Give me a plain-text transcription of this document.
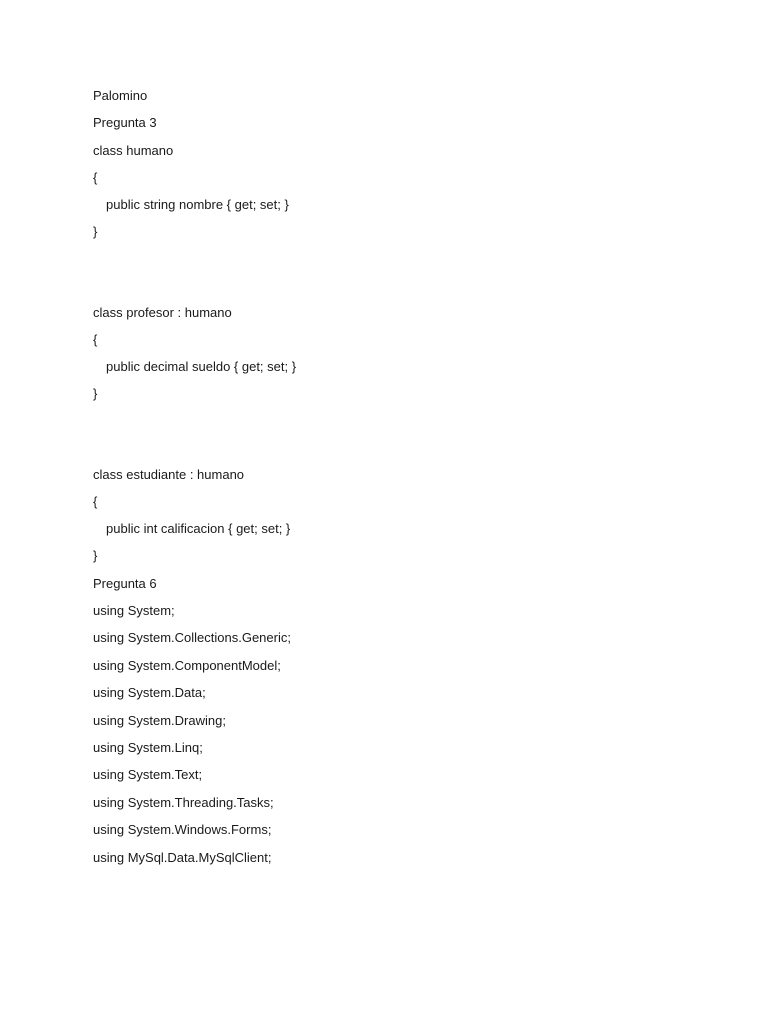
Palomino
Pregunta 3
class humano
{
public string nombre { get; set; }
}
class profesor : humano
{
public decimal sueldo { get; set; }
}
class estudiante : humano
{
public int calificacion { get; set; }
}
Pregunta 6
using System;
using System.Collections.Generic;
using System.ComponentModel;
using System.Data;
using System.Drawing;
using System.Linq;
using System.Text;
using System.Threading.Tasks;
using System.Windows.Forms;
using MySql.Data.MySqlClient;
